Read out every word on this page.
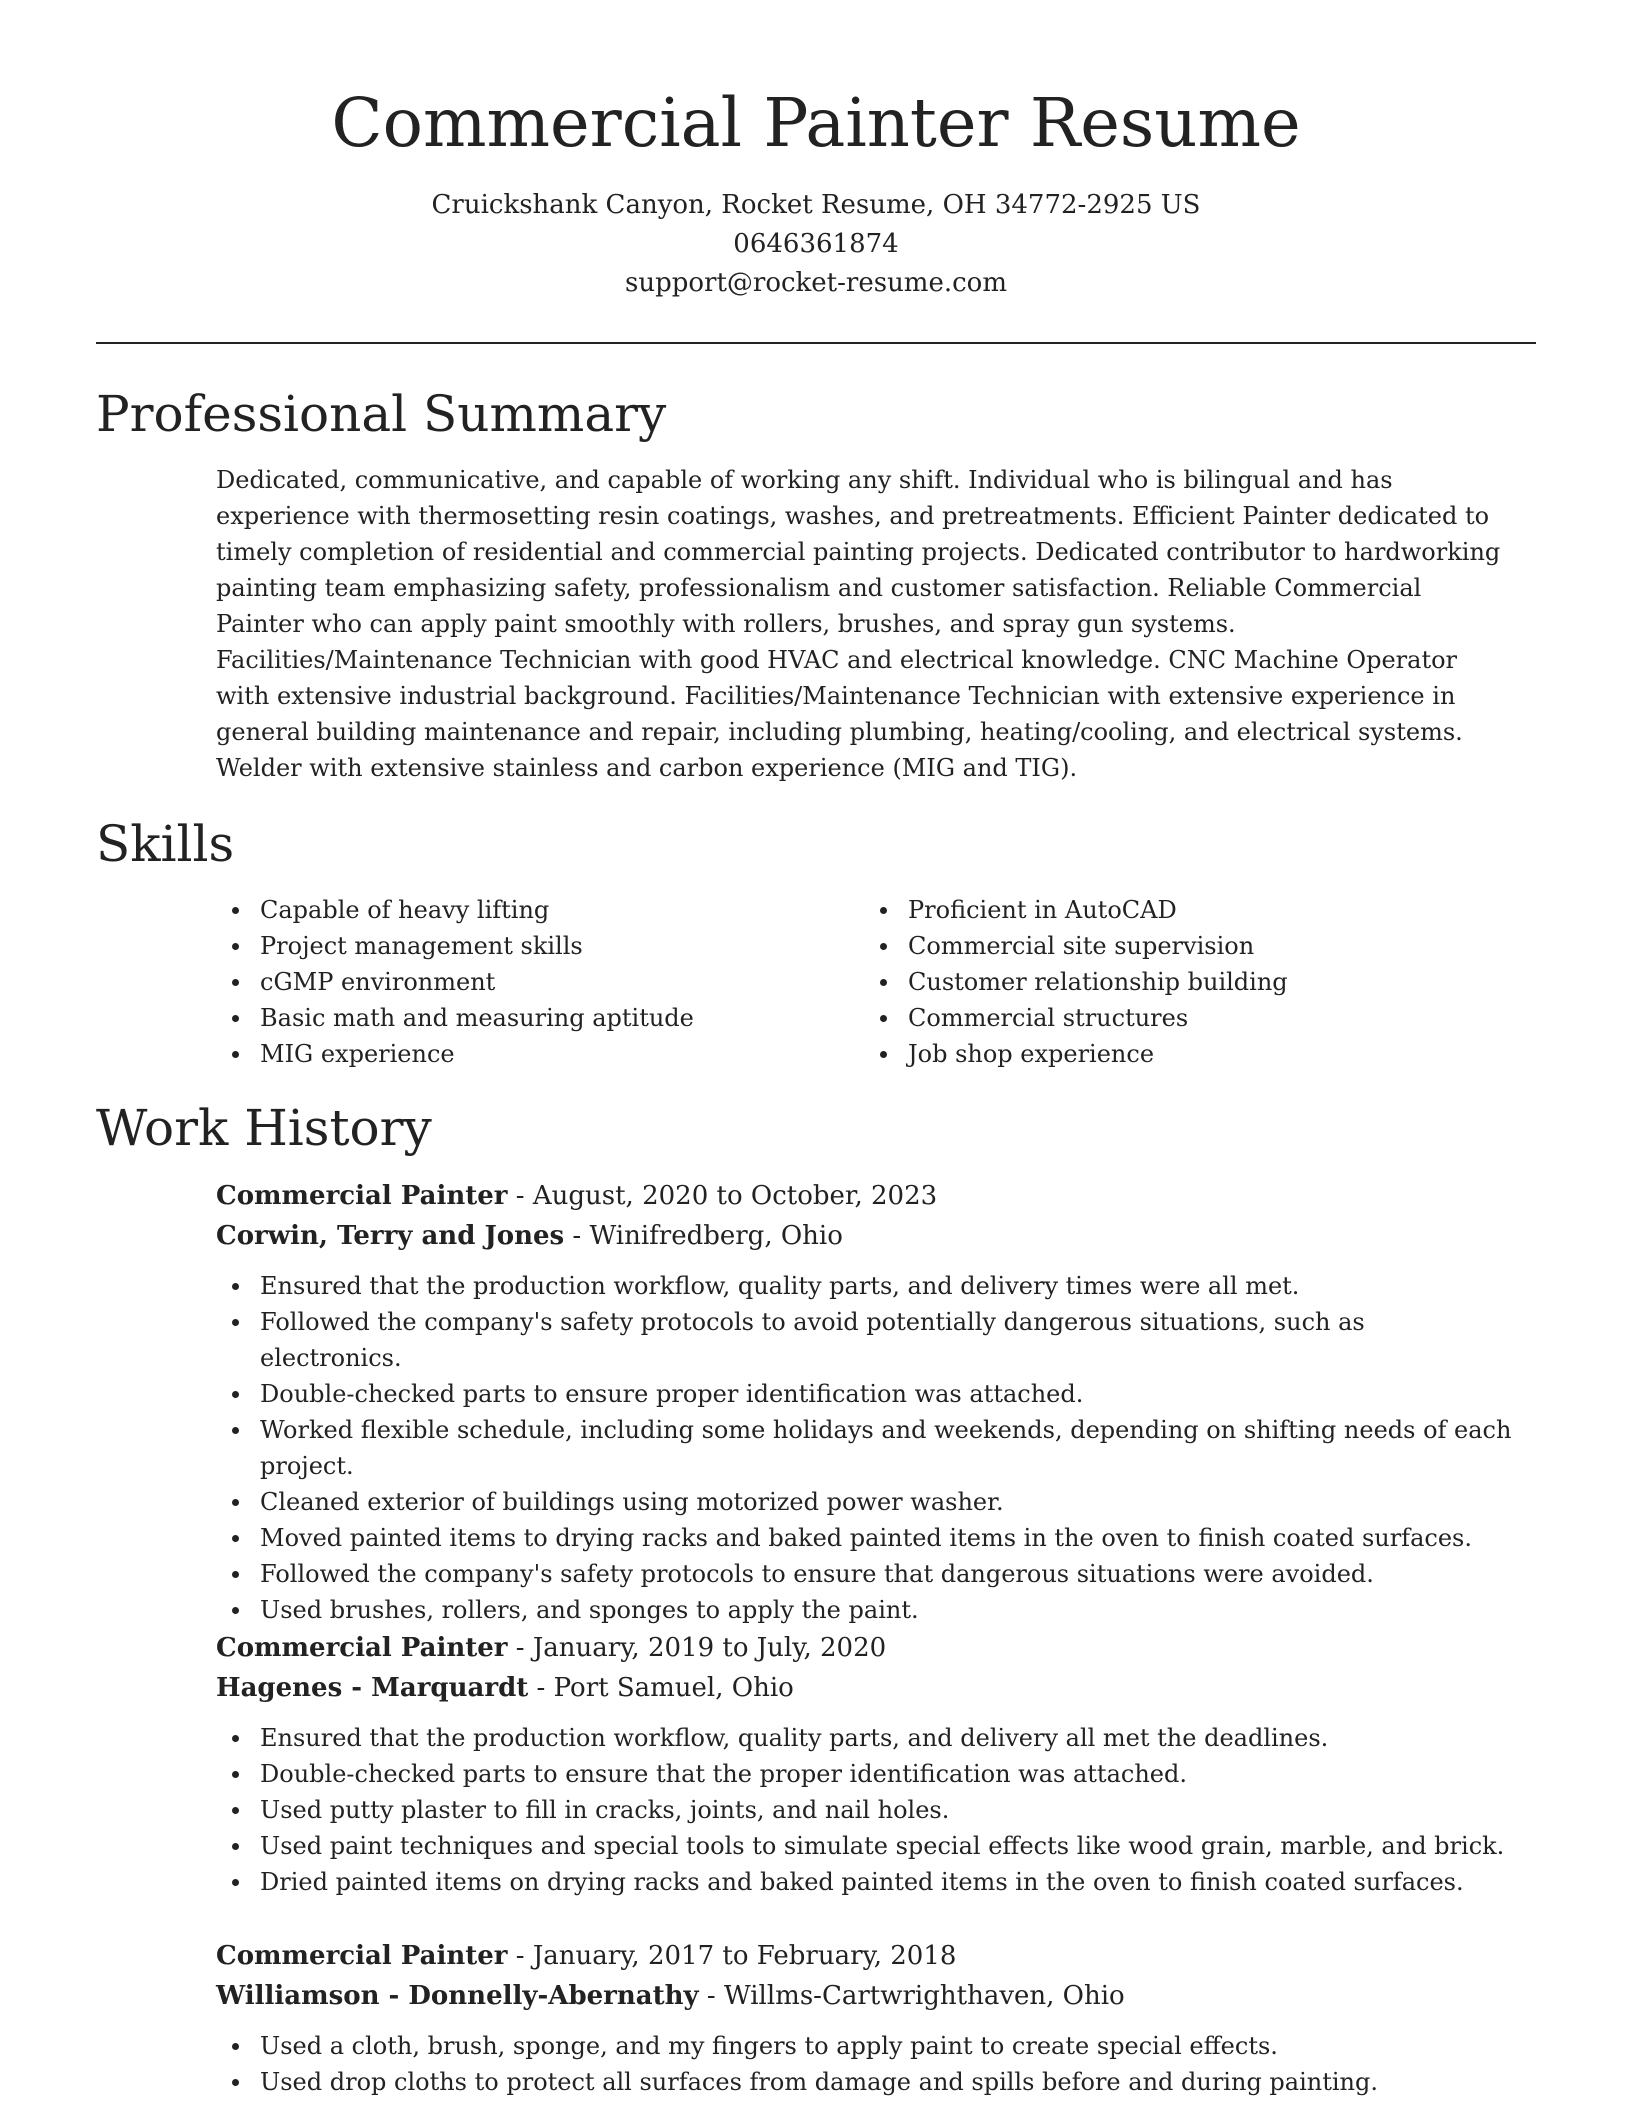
Commercial Painter Resume
Cruickshank Canyon, Rocket Resume, OH 34772-2925 US
0646361874
support@rocket-resume.com
Professional Summary

Dedicated, communicative, and capable of working any shift. Individual who is bilingual and has experience with thermosetting resin coatings, washes, and pretreatments. Efficient Painter dedicated to timely completion of residential and commercial painting projects. Dedicated contributor to hardworking painting team emphasizing safety, professionalism and customer satisfaction. Reliable Commercial Painter who can apply paint smoothly with rollers, brushes, and spray gun systems. Facilities/Maintenance Technician with good HVAC and electrical knowledge. CNC Machine Operator with extensive industrial background. Facilities/Maintenance Technician with extensive experience in general building maintenance and repair, including plumbing, heating/cooling, and electrical systems. Welder with extensive stainless and carbon experience (MIG and TIG).

Skills
Capable of heavy lifting
Project management skills
cGMP environment
Basic math and measuring aptitude
MIG experience
Proficient in AutoCAD
Commercial site supervision
Customer relationship building
Commercial structures
Job shop experience
Work History
Commercial Painter - August, 2020 to October, 2023
Corwin, Terry and Jones - Winifredberg, Ohio
Ensured that the production workflow, quality parts, and delivery times were all met.
Followed the company's safety protocols to avoid potentially dangerous situations, such as electronics.
Double-checked parts to ensure proper identification was attached.
Worked flexible schedule, including some holidays and weekends, depending on shifting needs of each project.
Cleaned exterior of buildings using motorized power washer.
Moved painted items to drying racks and baked painted items in the oven to finish coated surfaces.
Followed the company's safety protocols to ensure that dangerous situations were avoided.
Used brushes, rollers, and sponges to apply the paint.
Commercial Painter - January, 2019 to July, 2020
Hagenes - Marquardt - Port Samuel, Ohio
Ensured that the production workflow, quality parts, and delivery all met the deadlines.
Double-checked parts to ensure that the proper identification was attached.
Used putty plaster to fill in cracks, joints, and nail holes.
Used paint techniques and special tools to simulate special effects like wood grain, marble, and brick.
Dried painted items on drying racks and baked painted items in the oven to finish coated surfaces.
Commercial Painter - January, 2017 to February, 2018
Williamson - Donnelly-Abernathy - Willms-Cartwrighthaven, Ohio
Used a cloth, brush, sponge, and my fingers to apply paint to create special effects.
Used drop cloths to protect all surfaces from damage and spills before and during painting.
